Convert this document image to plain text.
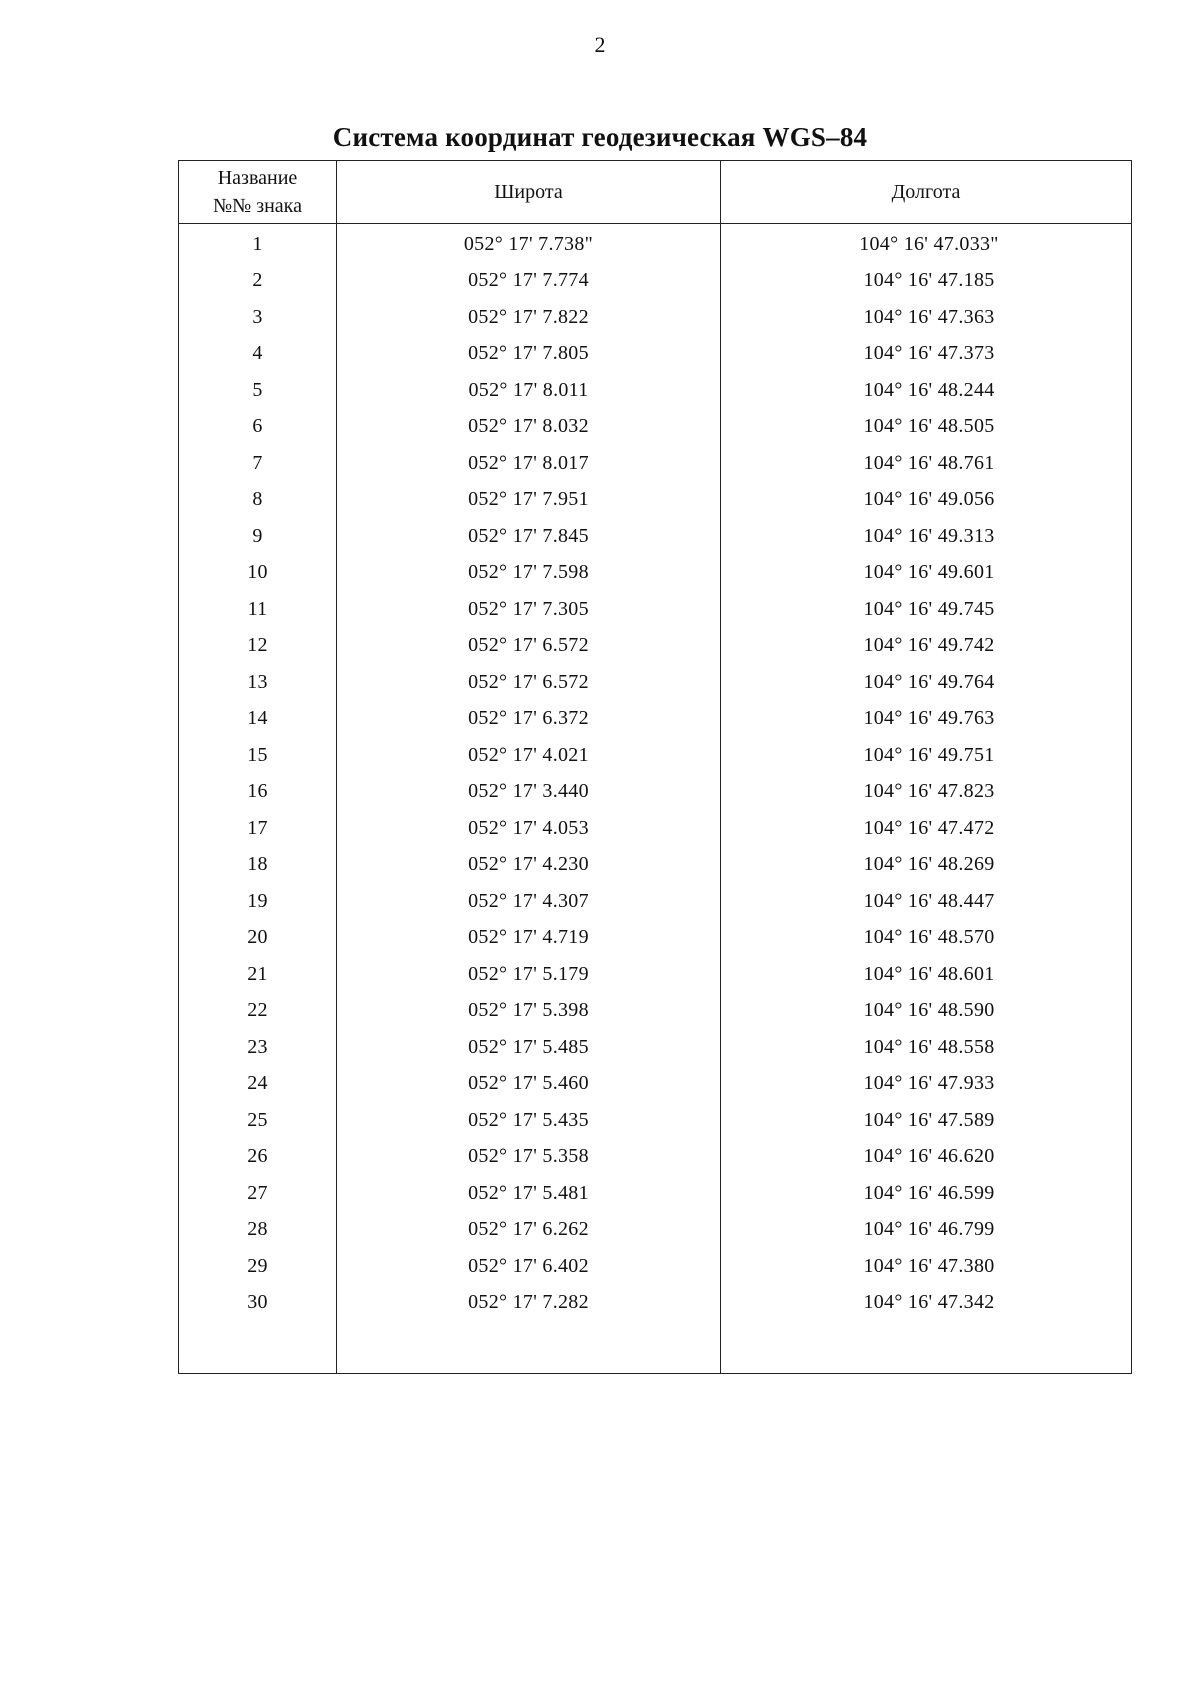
2
Система координат геодезическая WGS–84
Название
№№ знака	Широта	Долгота
1	052° 17' 7.738"	104° 16' 47.033"
2	052° 17' 7.774	104° 16' 47.185
3	052° 17' 7.822	104° 16' 47.363
4	052° 17' 7.805	104° 16' 47.373
5	052° 17' 8.011	104° 16' 48.244
6	052° 17' 8.032	104° 16' 48.505
7	052° 17' 8.017	104° 16' 48.761
8	052° 17' 7.951	104° 16' 49.056
9	052° 17' 7.845	104° 16' 49.313
10	052° 17' 7.598	104° 16' 49.601
11	052° 17' 7.305	104° 16' 49.745
12	052° 17' 6.572	104° 16' 49.742
13	052° 17' 6.572	104° 16' 49.764
14	052° 17' 6.372	104° 16' 49.763
15	052° 17' 4.021	104° 16' 49.751
16	052° 17' 3.440	104° 16' 47.823
17	052° 17' 4.053	104° 16' 47.472
18	052° 17' 4.230	104° 16' 48.269
19	052° 17' 4.307	104° 16' 48.447
20	052° 17' 4.719	104° 16' 48.570
21	052° 17' 5.179	104° 16' 48.601
22	052° 17' 5.398	104° 16' 48.590
23	052° 17' 5.485	104° 16' 48.558
24	052° 17' 5.460	104° 16' 47.933
25	052° 17' 5.435	104° 16' 47.589
26	052° 17' 5.358	104° 16' 46.620
27	052° 17' 5.481	104° 16' 46.599
28	052° 17' 6.262	104° 16' 46.799
29	052° 17' 6.402	104° 16' 47.380
30	052° 17' 7.282	104° 16' 47.342
